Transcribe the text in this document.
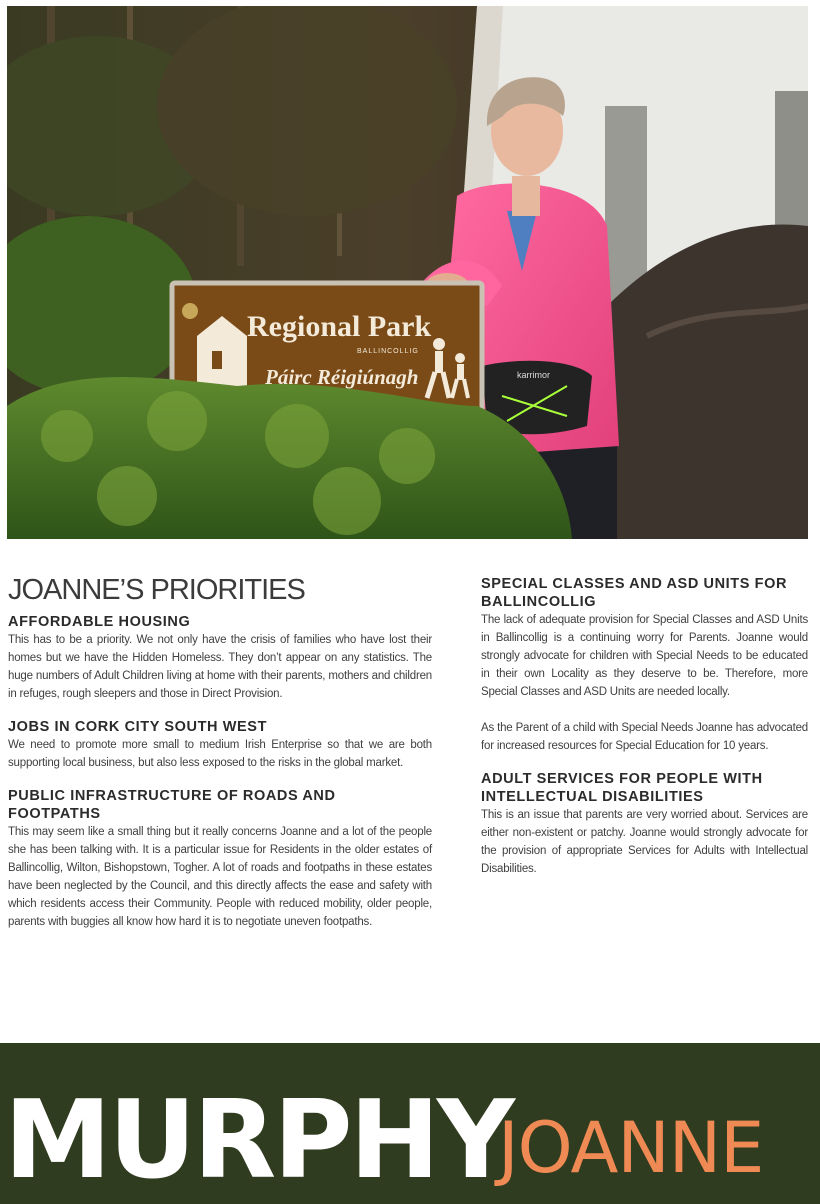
karrimor
Regional Park
BALLINCOLLIG
Páirc Réigiúnagh
JOANNE’S PRIORITIES
AFFORDABLE HOUSING

This has to be a priority. We not only have the crisis of families who have lost their homes but we have the Hidden Homeless. They don’t appear on any statistics. The huge numbers of Adult Children living at home with their parents, mothers and children in refuges, rough sleepers and those in Direct Provision.

JOBS IN CORK CITY SOUTH WEST

We need to promote more small to medium Irish Enterprise so that we are both supporting local business, but also less exposed to the risks in the global market.

PUBLIC INFRASTRUCTURE OF ROADS AND FOOTPATHS

This may seem like a small thing but it really concerns Joanne and a lot of the people she has been talking with. It is a particular issue for Residents in the older estates of Ballincollig, Wilton, Bishopstown, Togher. A lot of roads and footpaths in these estates have been neglected by the Council, and this directly affects the ease and safety with which residents access their Community. People with reduced mobility, older people, parents with buggies all know how hard it is to negotiate uneven footpaths.

SPECIAL CLASSES AND ASD UNITS FOR BALLINCOLLIG

The lack of adequate provision for Special Classes and ASD Units in Ballincollig is a continuing worry for Parents. Joanne would strongly advocate for children with Special Needs to be educated in their own Locality as they deserve to be. Therefore, more Special Classes and ASD Units are needed locally.

As the Parent of a child with Special Needs Joanne has advocated for increased resources for Special Education for 10 years.

ADULT SERVICES FOR PEOPLE WITH INTELLECTUAL DISABILITIES

This is an issue that parents are very worried about. Services are either non-existent or patchy. Joanne would strongly advocate for the provision of appropriate Services for Adults with Intellectual Disabilities.

MURPHY

JOANNE
